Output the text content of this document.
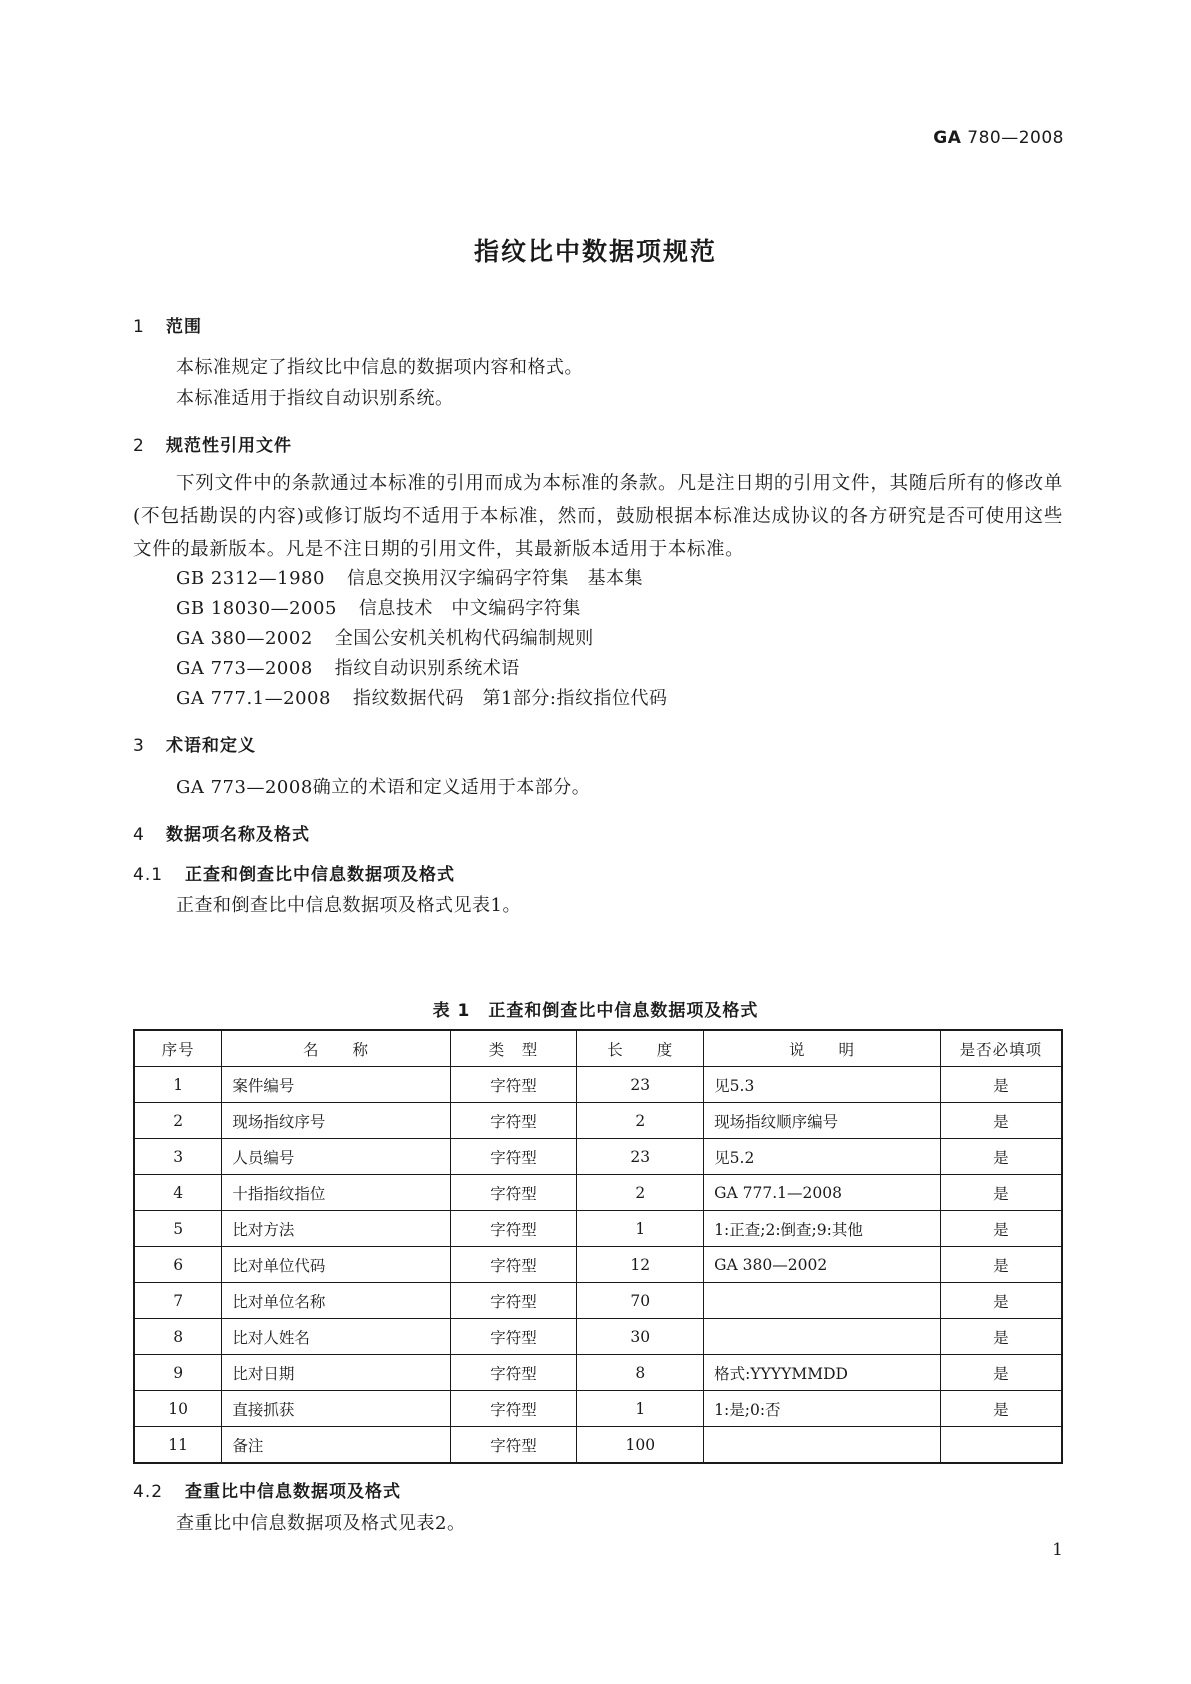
GA 780—2008
指纹比中数据项规范
1 范围
本标准规定了指纹比中信息的数据项内容和格式。
本标准适用于指纹自动识别系统。
2 规范性引用文件
下列文件中的条款通过本标准的引用而成为本标准的条款。凡是注日期的引用文件，其随后所有的修改单(不包括勘误的内容)或修订版均不适用于本标准，然而，鼓励根据本标准达成协议的各方研究是否可使用这些文件的最新版本。凡是不注日期的引用文件，其最新版本适用于本标准。
GB 2312—1980 信息交换用汉字编码字符集　基本集
GB 18030—2005 信息技术　中文编码字符集
GA 380—2002 全国公安机关机构代码编制规则
GA 773—2008 指纹自动识别系统术语
GA 777.1—2008 指纹数据代码　第1部分:指纹指位代码
3 术语和定义
GA 773—2008确立的术语和定义适用于本部分。
4 数据项名称及格式
4.1 正查和倒查比中信息数据项及格式
正查和倒查比中信息数据项及格式见表1。
表 1　正查和倒查比中信息数据项及格式
序号	名　　称	类　型	长　　度	说　　明	是否必填项
1	案件编号	字符型	23	见5.3	是
2	现场指纹序号	字符型	2	现场指纹顺序编号	是
3	人员编号	字符型	23	见5.2	是
4	十指指纹指位	字符型	2	GA 777.1—2008	是
5	比对方法	字符型	1	1:正查;2:倒查;9:其他	是
6	比对单位代码	字符型	12	GA 380—2002	是
7	比对单位名称	字符型	70		是
8	比对人姓名	字符型	30		是
9	比对日期	字符型	8	格式:YYYYMMDD	是
10	直接抓获	字符型	1	1:是;0:否	是
11	备注	字符型	100		
4.2 查重比中信息数据项及格式
查重比中信息数据项及格式见表2。
1
